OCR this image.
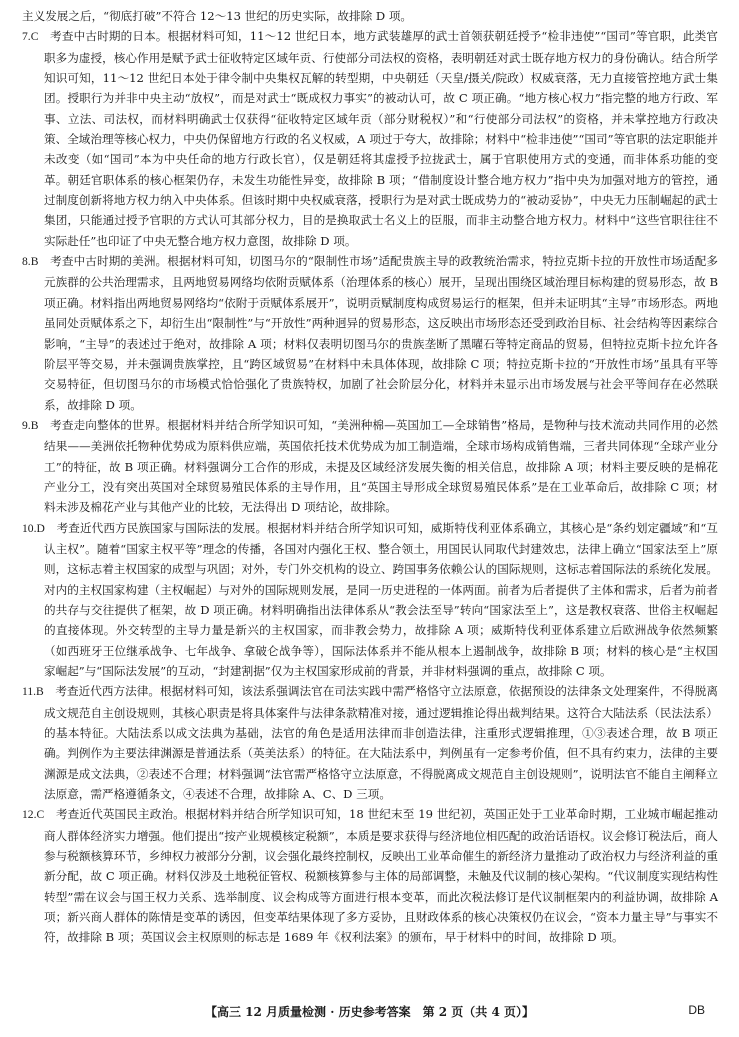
主义发展之后，“彻底打破”不符合 12～13 世纪的历史实际，故排除 D 项。

7.C  考查中古时期的日本。根据材料可知，11～12 世纪日本，地方武装雄厚的武士首领获朝廷授予“检非违使”“国司”等官职，此类官职多为虚授，核心作用是赋予武士征收特定区域年贡、行使部分司法权的资格，表明朝廷对武士既存地方权力的身份确认。结合所学知识可知，11～12 世纪日本处于律令制中央集权瓦解的转型期，中央朝廷（天皇/摄关/院政）权威衰落，无力直接管控地方武士集团。授职行为并非中央主动“放权”，而是对武士“既成权力事实”的被动认可，故 C 项正确。“地方核心权力”指完整的地方行政、军事、立法、司法权，而材料明确武士仅获得“征收特定区域年贡（部分财税权）”和“行使部分司法权”的资格，并未掌控地方行政决策、全域治理等核心权力，中央仍保留地方行政的名义权威，A 项过于夸大，故排除；材料中“检非违使”“国司”等官职的法定职能并未改变（如“国司”本为中央任命的地方行政长官），仅是朝廷将其虚授予拉拢武士，属于官职使用方式的变通，而非体系功能的变革。朝廷官职体系的核心框架仍存，未发生功能性异变，故排除 B 项；“借制度设计整合地方权力”指中央为加强对地方的管控，通过制度创新将地方权力纳入中央体系。但该时期中央权威衰落，授职行为是对武士既成势力的“被动妥协”，中央无力压制崛起的武士集团，只能通过授予官职的方式认可其部分权力，目的是换取武士名义上的臣服，而非主动整合地方权力。材料中“这些官职往往不实际赴任”也印证了中央无整合地方权力意图，故排除 D 项。

8.B  考查中古时期的美洲。根据材料可知，切图马尔的“限制性市场”适配贵族主导的政教统治需求，特拉克斯卡拉的开放性市场适配多元族群的公共治理需求，且两地贸易网络均依附贡赋体系（治理体系的核心）展开，呈现出围绕区域治理目标构建的贸易形态，故 B 项正确。材料指出两地贸易网络均“依附于贡赋体系展开”，说明贡赋制度构成贸易运行的框架，但并未证明其“主导”市场形态。两地虽同处贡赋体系之下，却衍生出“限制性”与“开放性”两种迥异的贸易形态，这反映出市场形态还受到政治目标、社会结构等因素综合影响，“主导”的表述过于绝对，故排除 A 项；材料仅表明切图马尔的贵族垄断了黑曜石等特定商品的贸易，但特拉克斯卡拉允许各阶层平等交易，并未强调贵族掌控，且“跨区域贸易”在材料中未具体体现，故排除 C 项；特拉克斯卡拉的“开放性市场”虽具有平等交易特征，但切图马尔的市场模式恰恰强化了贵族特权，加剧了社会阶层分化，材料并未显示出市场发展与社会平等间存在必然联系，故排除 D 项。

9.B  考查走向整体的世界。根据材料并结合所学知识可知，“美洲种棉—英国加工—全球销售”格局，是物种与技术流动共同作用的必然结果——美洲依托物种优势成为原料供应端，英国依托技术优势成为加工制造端，全球市场构成销售端，三者共同体现“全球产业分工”的特征，故 B 项正确。材料强调分工合作的形成，未提及区域经济发展失衡的相关信息，故排除 A 项；材料主要反映的是棉花产业分工，没有突出英国对全球贸易殖民体系的主导作用，且“英国主导形成全球贸易殖民体系”是在工业革命后，故排除 C 项；材料未涉及棉花产业与其他产业的比较，无法得出 D 项结论，故排除。

10.D  考查近代西方民族国家与国际法的发展。根据材料并结合所学知识可知，威斯特伐利亚体系确立，其核心是“条约划定疆域”和“互认主权”。随着“国家主权平等”理念的传播，各国对内强化王权、整合领土，用国民认同取代封建效忠，法律上确立“国家法至上”原则，这标志着主权国家的成型与巩固；对外，专门外交机构的设立、跨国事务依赖公认的国际规则，这标志着国际法的系统化发展。对内的主权国家构建（主权崛起）与对外的国际规则发展，是同一历史进程的一体两面。前者为后者提供了主体和需求，后者为前者的共存与交往提供了框架，故 D 项正确。材料明确指出法律体系从“教会法至导”转向“国家法至上”，这是教权衰落、世俗主权崛起的直接体现。外交转型的主导力量是新兴的主权国家，而非教会势力，故排除 A 项；威斯特伐利亚体系建立后欧洲战争依然频繁（如西班牙王位继承战争、七年战争、拿破仑战争等），国际法体系并不能从根本上遏制战争，故排除 B 项；材料的核心是“主权国家崛起”与“国际法发展”的互动，“封建割据”仅为主权国家形成前的背景，并非材料强调的重点，故排除 C 项。

11.B  考查近代西方法律。根据材料可知，该法系强调法官在司法实践中需严格恪守立法原意，依据预设的法律条文处理案件，不得脱离成文规范自主创设规则，其核心职责是将具体案件与法律条款精准对接，通过逻辑推论得出裁判结果。这符合大陆法系（民法法系）的基本特征。大陆法系以成文法典为基础，法官的角色是适用法律而非创造法律，注重形式逻辑推理，①③表述合理，故 B 项正确。判例作为主要法律渊源是普通法系（英美法系）的特征。在大陆法系中，判例虽有一定参考价值，但不具有约束力，法律的主要渊源是成文法典，②表述不合理；材料强调“法官需严格恪守立法原意，不得脱离成文规范自主创设规则”，说明法官不能自主阐释立法原意，需严格遵循条文，④表述不合理，故排除 A、C、D 三项。

12.C  考查近代英国民主政治。根据材料并结合所学知识可知，18 世纪末至 19 世纪初，英国正处于工业革命时期，工业城市崛起推动商人群体经济实力增强。他们提出“按产业规模核定税额”，本质是要求获得与经济地位相匹配的政治话语权。议会修订税法后，商人参与税额核算环节，乡绅权力被部分分割，议会强化最终控制权，反映出工业革命催生的新经济力量推动了政治权力与经济利益的重新分配，故 C 项正确。材料仅涉及土地税征管权、税额核算参与主体的局部调整，未触及代议制的核心架构。“代议制度实现结构性转型”需在议会与国王权力关系、选举制度、议会构成等方面进行根本变革，而此次税法修订是代议制框架内的利益协调，故排除 A 项；新兴商人群体的陈情是变革的诱因，但变革结果体现了多方妥协，且财政体系的核心决策权仍在议会，“资本力量主导”与事实不符，故排除 B 项；英国议会主权原则的标志是 1689 年《权利法案》的颁布，早于材料中的时间，故排除 D 项。

【高三 12 月质量检测 · 历史参考答案　第 2 页（共 4 页）】	DB
